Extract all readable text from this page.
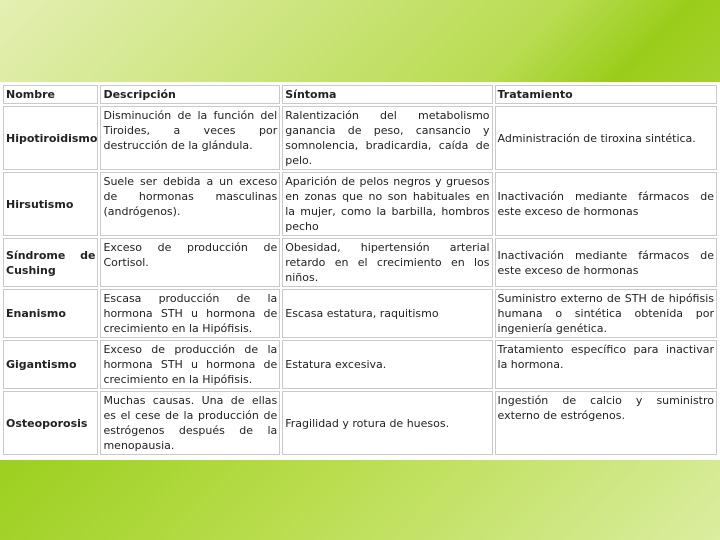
Nombre	Descripción	Síntoma	Tratamiento
Hipotiroidismo	Disminución de la función del Tiroides, a veces por destrucción de la glándula.	Ralentización del metabolismo ganancia de peso, cansancio y somnolencia, bradicardia, caída de pelo.	Administración de tiroxina sintética.
Hirsutismo	Suele ser debida a un exceso de hormonas masculinas (andrógenos).	Aparición de pelos negros y gruesos en zonas que no son habituales en la mujer, como la barbilla, hombros pecho	Inactivación mediante fármacos de este exceso de hormonas
Síndrome de Cushing	Exceso de producción de Cortisol.	Obesidad, hipertensión arterial retardo en el crecimiento en los niños.	Inactivación mediante fármacos de este exceso de hormonas
Enanismo	Escasa producción de la hormona STH u hormona de crecimiento en la Hipófisis.	Escasa estatura, raquitismo	Suministro externo de STH de hipófisis humana o sintética obtenida por ingeniería genética.
Gigantismo	Exceso de producción de la hormona STH u hormona de crecimiento en la Hipófisis.	Estatura excesiva.	Tratamiento específico para inactivar la hormona.
Osteoporosis	Muchas causas. Una de ellas es el cese de la producción de estrógenos después de la menopausia.	Fragilidad y rotura de huesos.	Ingestión de calcio y suministro externo de estrógenos.
